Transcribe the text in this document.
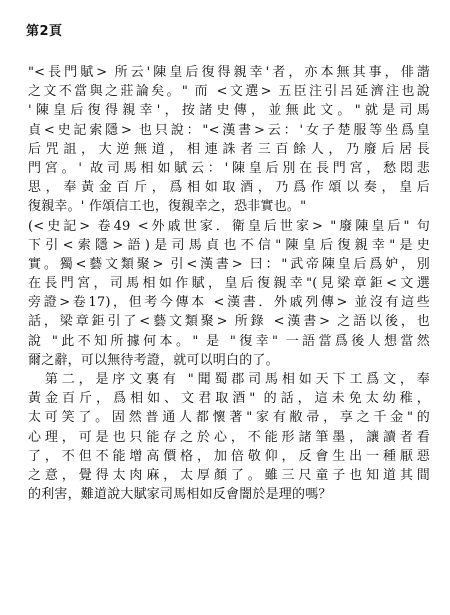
第2頁
"<長門賦> 所云'陳皇后復得親幸'者，亦本無其事，俳諧
之文不當與之莊論矣。" 而 <文選> 五臣注引呂延濟注也說
'陳皇后復得親幸'，按諸史傳，並無此文。"就是司馬
貞<史記索隱> 也只說："<漢書>云：'女子楚服等坐爲皇
后咒詛，大逆無道，相連誅者三百餘人，乃廢后居長
門宮。' 故司馬相如賦云：'陳皇后別在長門宮，愁悶悲
思，奉黃金百斤，爲相如取酒，乃爲作頌以奏，皇后
復親幸。' 作頌信工也，復親幸之，恐非實也。"
(<史記> 卷49 <外戚世家．衛皇后世家> "廢陳皇后" 句
下引<索隱>語)是司馬貞也不信"陳皇后復親幸"是史
實。獨<藝文類聚> 引<漢書> 曰："武帝陳皇后爲妒，別
在長門宮，司馬相如作賦，皇后復親幸"(見梁章鉅<文選
旁證>卷17)，但考今傳本 <漢書．外戚列傳> 並沒有這些
話，梁章鉅引了<藝文類聚> 所錄 <漢書> 之語以後，也
說 "此不知所據何本。" 是 "復幸" 一語當爲後人想當然
爾之辭，可以無待考證，就可以明白的了。
　第二，是序文裏有 "聞蜀郡司馬相如天下工爲文，奉
黃金百斤，爲相如、文君取酒" 的話，這未免太幼稚，
太可笑了。固然普通人都懷著"家有敝帚，享之千金"的
心理，可是也只能存之於心，不能形諸筆墨，讓讀者看
了，不但不能增高價格，加倍敬仰，反會生出一種厭惡
之意，覺得太肉麻，太厚顏了。雖三尺童子也知道其間
的利害，難道說大賦家司馬相如反會闇於是理的嗎？
